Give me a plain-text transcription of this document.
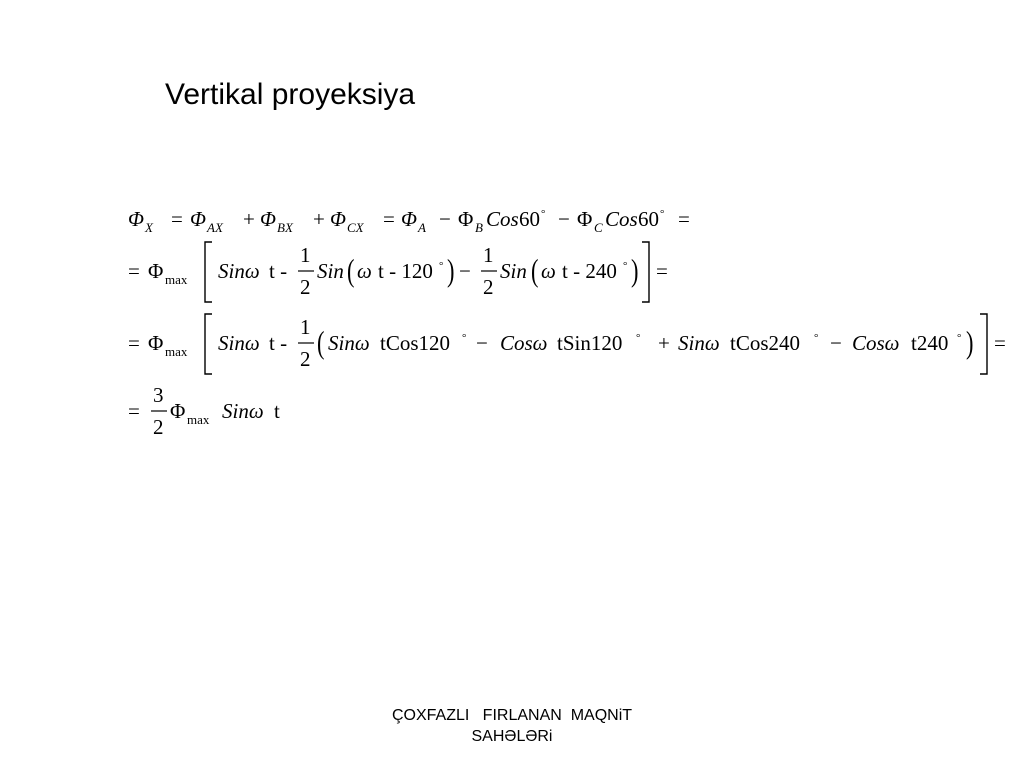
Vertikal proyeksiya
Φ X = Φ AX + Φ BX + Φ CX = Φ A − Φ B Cos 60 ° − Φ C Cos 60 ° =
= Φ max Sinω t -
1
2
Sin ( ω t - 120 ° ) −
1
2
Sin ( ω t - 240 ° ) =
= Φ max Sinω t -
1
2 ( Sinω tCos120 ° − Cosω tSin120 ° + Sinω tCos240 ° − Cosω t240 ° ) =
=
3
2
Φ max Sinω t
ÇOXFAZLI   FIRLANAN  MAQNiT
SAHƏLƏRi
